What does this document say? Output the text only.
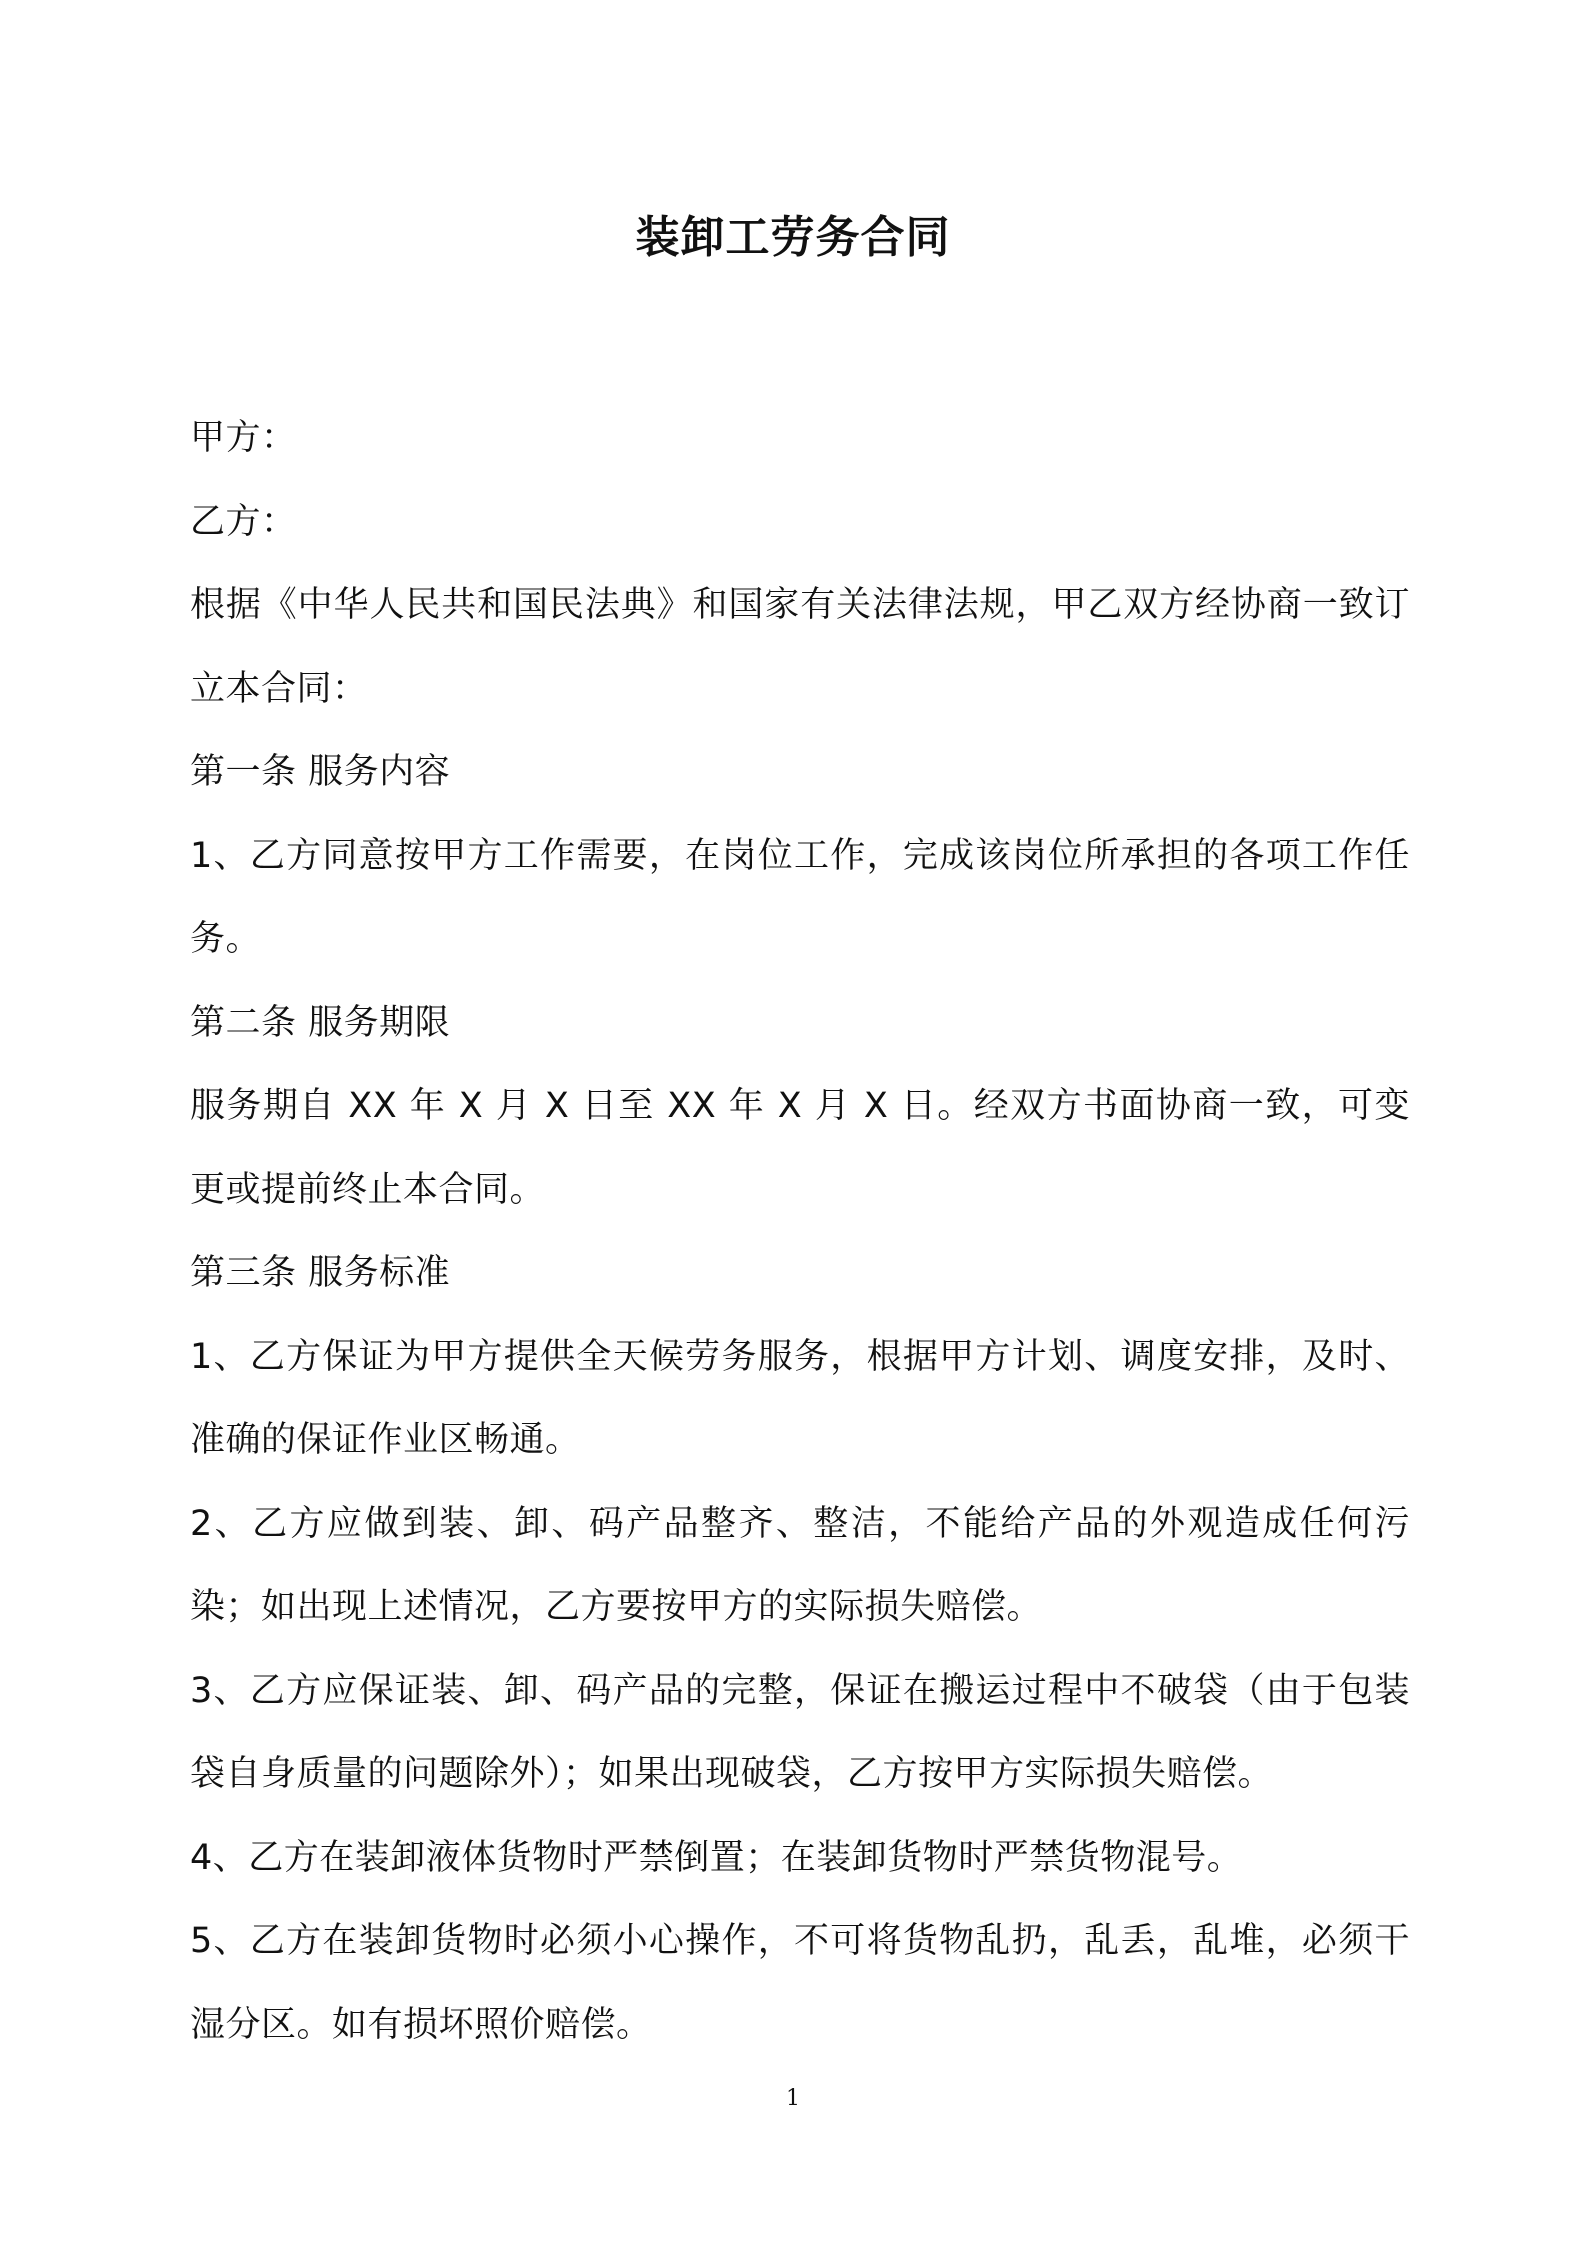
装卸工劳务合同

甲方：

乙方：

根据《中华人民共和国民法典》和国家有关法律法规，甲乙双方经协商一致订立本合同：

第一条 服务内容

1、乙方同意按甲方工作需要，在岗位工作，完成该岗位所承担的各项工作任务。

第二条 服务期限

服务期自 XX 年 X 月 X 日至 XX 年 X 月 X 日。经双方书面协商一致，可变更或提前终止本合同。

第三条 服务标准

1、乙方保证为甲方提供全天候劳务服务，根据甲方计划、调度安排，及时、准确的保证作业区畅通。

2、乙方应做到装、卸、码产品整齐、整洁，不能给产品的外观造成任何污染；如出现上述情况，乙方要按甲方的实际损失赔偿。

3、乙方应保证装、卸、码产品的完整，保证在搬运过程中不破袋（由于包装袋自身质量的问题除外）；如果出现破袋，乙方按甲方实际损失赔偿。

4、乙方在装卸液体货物时严禁倒置；在装卸货物时严禁货物混号。

5、乙方在装卸货物时必须小心操作，不可将货物乱扔，乱丢，乱堆，必须干湿分区。如有损坏照价赔偿。

1
